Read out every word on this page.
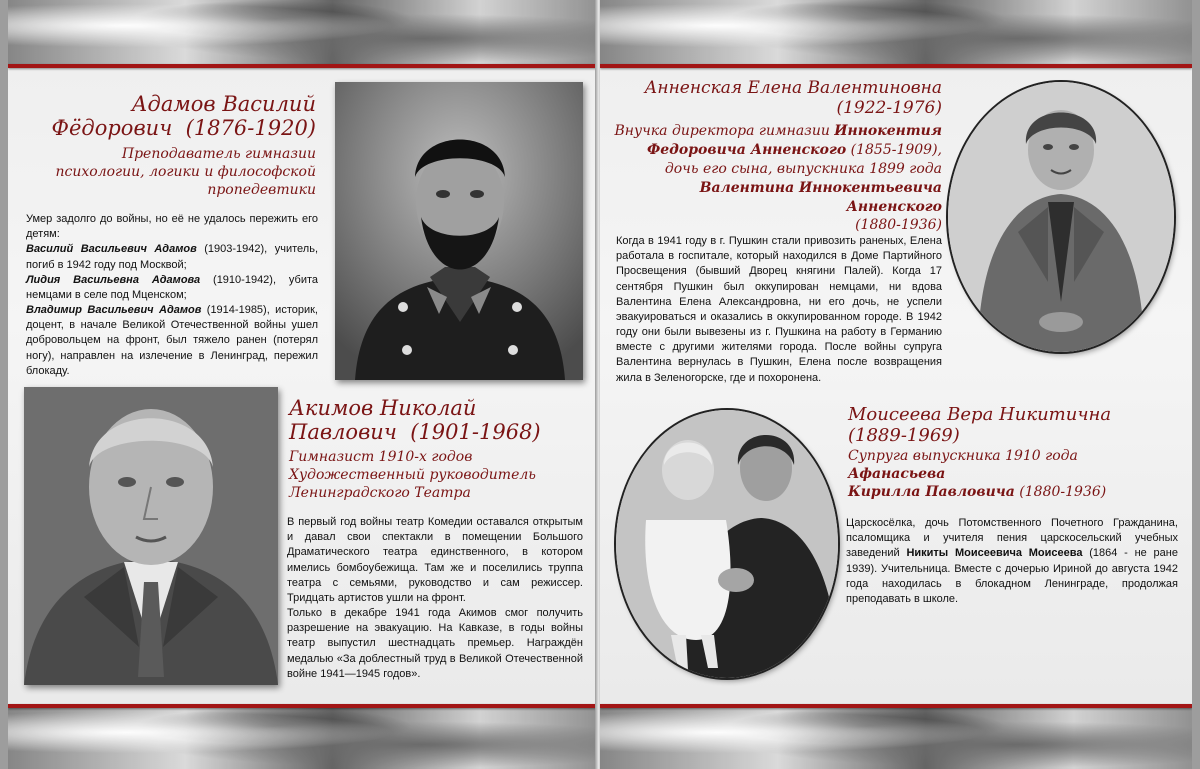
Адамов Василий
Фёдорович (1876-1920)
Преподаватель гимназии
психологии, логики и философской
пропедевтики

Умер задолго до войны, но её не удалось пережить его детям:

Василий Васильевич Адамов (1903-1942), учитель, погиб в 1942 году под Москвой;

Лидия Васильевна Адамова (1910-1942), убита немцами в селе под Мценском;

Владимир Васильевич Адамов (1914-1985), историк, доцент, в начале Великой Отечественной войны ушел добровольцем на фронт, был тяжело ранен (потерял ногу), направлен на излечение в Ленинград, пережил блокаду.

Акимов Николай
Павлович (1901-1968)
Гимназист 1910-х годов
Художественный руководитель
Ленинградского Театра

В первый год войны театр Комедии оставался открытым и давал свои спектакли в помещении Большого Драматического театра единственного, в котором имелись бомбоубежища. Там же и поселились труппа театра с семьями, руководство и сам режиссер. Тридцать артистов ушли на фронт.

Только в декабре 1941 года Акимов смог получить разрешение на эвакуацию. На Кавказе, в годы войны театр выпустил шестнадцать премьер. Награждён медалью «За доблестный труд в Великой Отечественной войне 1941—1945 годов».

Анненская Елена Валентиновна
(1922-1976)
Внучка директора гимназии Иннокентия
Федоровича Анненского (1855-1909),
дочь его сына, выпускника 1899 года
Валентина Иннокентьевича Анненского
(1880-1936)

Когда в 1941 году в г. Пушкин стали привозить раненых, Елена работала в госпитале, который находился в Доме Партийного Просвещения (бывший Дворец княгини Палей). Когда 17 сентября Пушкин был оккупирован немцами, ни вдова Валентина Елена Александровна, ни его дочь, не успели эвакуироваться и оказались в оккупированном городе. В 1942 году они были вывезены из г. Пушкина на работу в Германию вместе с другими жителями города. После войны супруга Валентина вернулась в Пушкин, Елена после возвращения жила в Зеленогорске, где и похоронена.

Моисеева Вера Никитична
(1889-1969)
Супруга выпускника 1910 года Афанасьева
Кирилла Павловича (1880-1936)

Царскосёлка, дочь Потомственного Почетного Гражданина, псаломщика и учителя пения царскосельский учебных заведений Никиты Моисеевича Моисеева (1864 - не ране 1939). Учительница. Вместе с дочерью Ириной до августа 1942 года находилась в блокадном Ленинграде, продолжая преподавать в школе.
